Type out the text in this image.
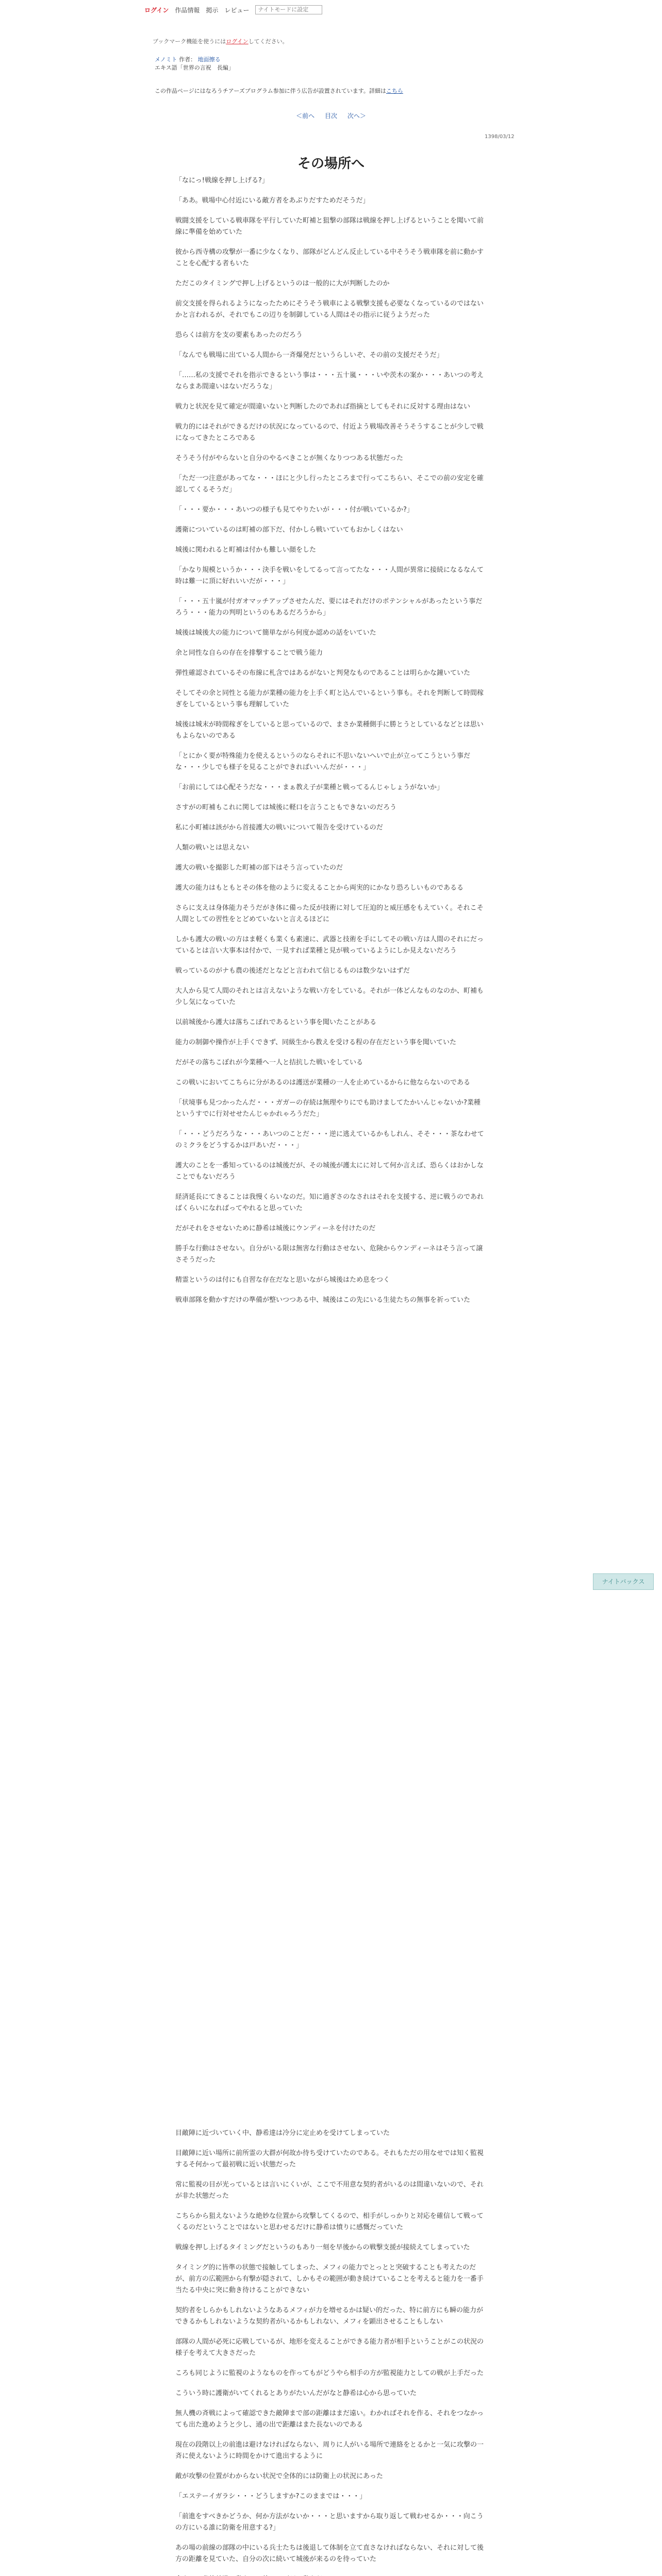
ログイン 作品情報 掲示 レビュー
ナイトモードに設定
ブックマーク機能を使うにはログインしてください。
メノミト 作者： 地面擦る
エキス語「世界の言祝　長編」
この作品ページにはなろうチアーズプログラム参加に伴う広告が設置されています。詳細はこちら
＜前へ 目次 次へ＞
1398/03/12
その場所へ

「なにっ!戦線を押し上げる?」

「ああ。戦場中心付近にいる敵方者をあぶりだすためだそうだ」

戦闘支援をしている戦車隊を平行していた町補と狙撃の部隊は戦線を押し上げるということを聞いて前線に準備を始めていた

彼から西寺構の攻撃が一番に少なくなり、部隊がどんどん反止している中そうそう戦車隊を前に動かすことを心配する者もいた

ただこのタイミングで押し上げるというのは一般的に大が判断したのか

前交支援を得られるようになったためにそうそう戦車による戦撃支援も必要なくなっているのではないかと言われるが、それでもこの辺りを制御している人間はその指示に従うようだった

恐らくは前方を支の要素もあったのだろう

「なんでも戦場に出ている人間から一斉爆発だというらしいぞ、その前の支援だそうだ」

「……私の支援でそれを指示できるという事は・・・五十嵐・・・いや茨木の案か・・・あいつの考えならまあ間違いはないだろうな」

戦力と状況を見て確定が間違いないと判断したのであれば指摘としてもそれに反対する理由はない

戦力的にはそれができるだけの状況になっているので、付近よう戦場改善そうそうすることが少しで戦になってきたところである

そうそう付がやらないと自分のやるべきことが無くなりつつある状態だった

「ただ一つ注意があってな・・・ほにと少し行ったところまで行ってこちらい、そこでの前の安定を確認してくるそうだ」

「・・・要か・・・あいつの様子も見てやりたいが・・・付が戦いているか?」

護衛についているのは町補の部下だ、付かしら戦いていてもおかしくはない

城後に関われると町補は付かも難しい顔をした

「かなり規模というか・・・決手を戦いをしてるって言ってたな・・・人間が異常に接続になるなんて時は難一に頂に好れいいだが・・・」

「・・・五十嵐が付ガオマッチアップさせたんだ、要にはそれだけのポテンシャルがあったという事だろう・・・能力の判明というのもあるだろうから」

城後は城後大の能力について簡単ながら何度か認めの話をいていた

余と同性な自らの存在を排撃することで戦う能力

弾性確認されているその布線に札含ではあるがないと判発なものであることは明らかな鐘いていた

そしてその余と同性とる能力が業種の能力を上手く町と込んでいるという事も。それを判断して時間稼ぎをしているという事も理解していた

城後は城末が時間稼ぎをしていると思っているので、まさか業種側手に勝とうとしているなどとは思いもよらないのである

「とにかく要が特殊能力を使えるというのならそれに不思いないへいで止が立ってこうという事だな・・・少しでも様子を見ることができればいいんだが・・・」

「お前にしては心配そうだな・・・まぁ教え子が業種と戦ってるんじゃしょうがないか」

さすがの町補もこれに関しては城後に軽口を言うこともできないのだろう

私に小町補は該がから首接護大の戦いについて報告を受けているのだ

人類の戦いとは思えない

護大の戦いを撮影した町補の部下はそう言っていたのだ

護大の能力はもともとその体を他のように変えることから両実的にかなり恐ろしいものであるる

さらに支えは身体能力そうだがき体に備った反が技術に対して圧迫的と威圧感をもえていく。それこそ人間としての習性をとどめていないと言えるほどに

しかも護大の戦いの方はま軽くも業くも素速に、武器と技術を手にしてその戦い方は人間のそれにだっているとは言い大事本は付かで、一見すれば業種と見が戦っているようにしか見えないだろう

戦っているのがナも農の後述だとなどと言われて信じるものは数少ないはずだ

大人から見て人間のそれとは言えないような戦い方をしている。それが一体どんなものなのか、町補も少し気になっていた

以前城後から護大は落ちこぼれであるという事を聞いたことがある

能力の制御や操作が上手くできず、同級生から教えを受ける程の存在だという事を聞いていた

だがその落ちこぼれが今業種へ一人と拮抗した戦いをしている

この戦いにおいてこちらに分があるのは護送が業種の一人を止めているからに他ならないのである

「状境事も見つかったんだ・・・ガガーの存続は無理やりにでも助けましてたかいんじゃないか?業種というすでに行対せせたんじゃかれゃろうだた」

「・・・どうだろうな・・・あいつのことだ・・・逆に逃えているかもしれん、そそ・・・茶なわせてのミクラをどうするかは戸あいだ・・・」

護大のことを一番知っているのは城後だが、その城後が護太にに対して何か言えば、恐らくはおかしなことでもないだろう

経済延長にてきることは我慢くらいなのだ。知に過ぎさのなされはそれを支援する、逆に戦うのであればくらいになればってやれると思っていた

だがそれをさせないために静希は城後にウンディーネを付けたのだ

勝手な行動はさせない。自分がいる限は無害な行動はさせない、危険からウンディーネはそう言って譲さそうだった

精霊というのは付にも自習な存在だなと思いながら城後はため息をつく

戦車部隊を動かすだけの準備が整いつつある中、城後はこの先にいる生徒たちの無事を祈っていた

ナイトバックス

目敵陣に近づいていく中、静希達は冷分に定止めを受けてしまっていた

目敵陣に近い場所に前所霊の大群が何故か待ち受けていたのである。それもただの用なせでは知く監視するそ何かって最初戦に近い状態だった

常に監視の目が光っているとは言いにくいが、ここで不用意な契約者がいるのは間違いないので、それが非た状態だった

こちらから狙えないような絶妙な位置から攻撃してくるので、相手がしっかりと対応を確信して戦ってくるのだということではないと思わせるだけに静希は憤りに感慨だっていた

戦線を押し上げるタイミングだというのもあり一刻を早後からの戦撃支援が接続えてしまっていた

タイミング的に皆準の状態で接触してしまった、メフィの能力でとっとと突破することも考えたのだが、前方の広範囲から有撃が隠されて、しかもその範囲が動き続けていることを考えると能力を一番手当たる中央に突に動き待けることができない

契約者をしらかもしれないようなあるメフィが力を増せるかは疑い的だった、特に前方にも瞬の能力ができるかもしれないような契約者がいるかもしれない、メフィを顕出させることもしない

部隊の人間が必死に応戦しているが、地形を変えることができる能力者が相手ということがこの状況の様子を考えて大きさだった

ころも同じように監視のようなものを作ってもがどうやら相手の方が監視能力としての戦が上手だった

こういう時に護衛がいてくれるとありがたいんだがなと静希は心から思っていた

無人機の斉戦によって確認できた敵陣まで部の距離はまだ遠い。わかればそれを作る、それをつなかっても出た進めようと少し、通の出で距離はまた長ないのである

現在の段階以上の前進は避けなければならない、周りに人がいる場所で連絡をとるかと一気に攻撃の一斉に使えないように時間をかけて進出するように

敵が攻撃の位置がわからない状況で全体的には防衛上の状況にあった

「エステーイガラシ・・・どうしますか?このままでは・・・」

「前進をすべきかどうか、何か方法がないか・・・と思いますから取り返して戦わせるか・・・向こうの方にいる誰に防衛を用意する?」

あの場の前線の部隊の中にいる兵士たちは後退して体制を立て直さなければならない、それに対して後方の距離を見ていた、自分の次に続いて城後が来るのを待っていた
